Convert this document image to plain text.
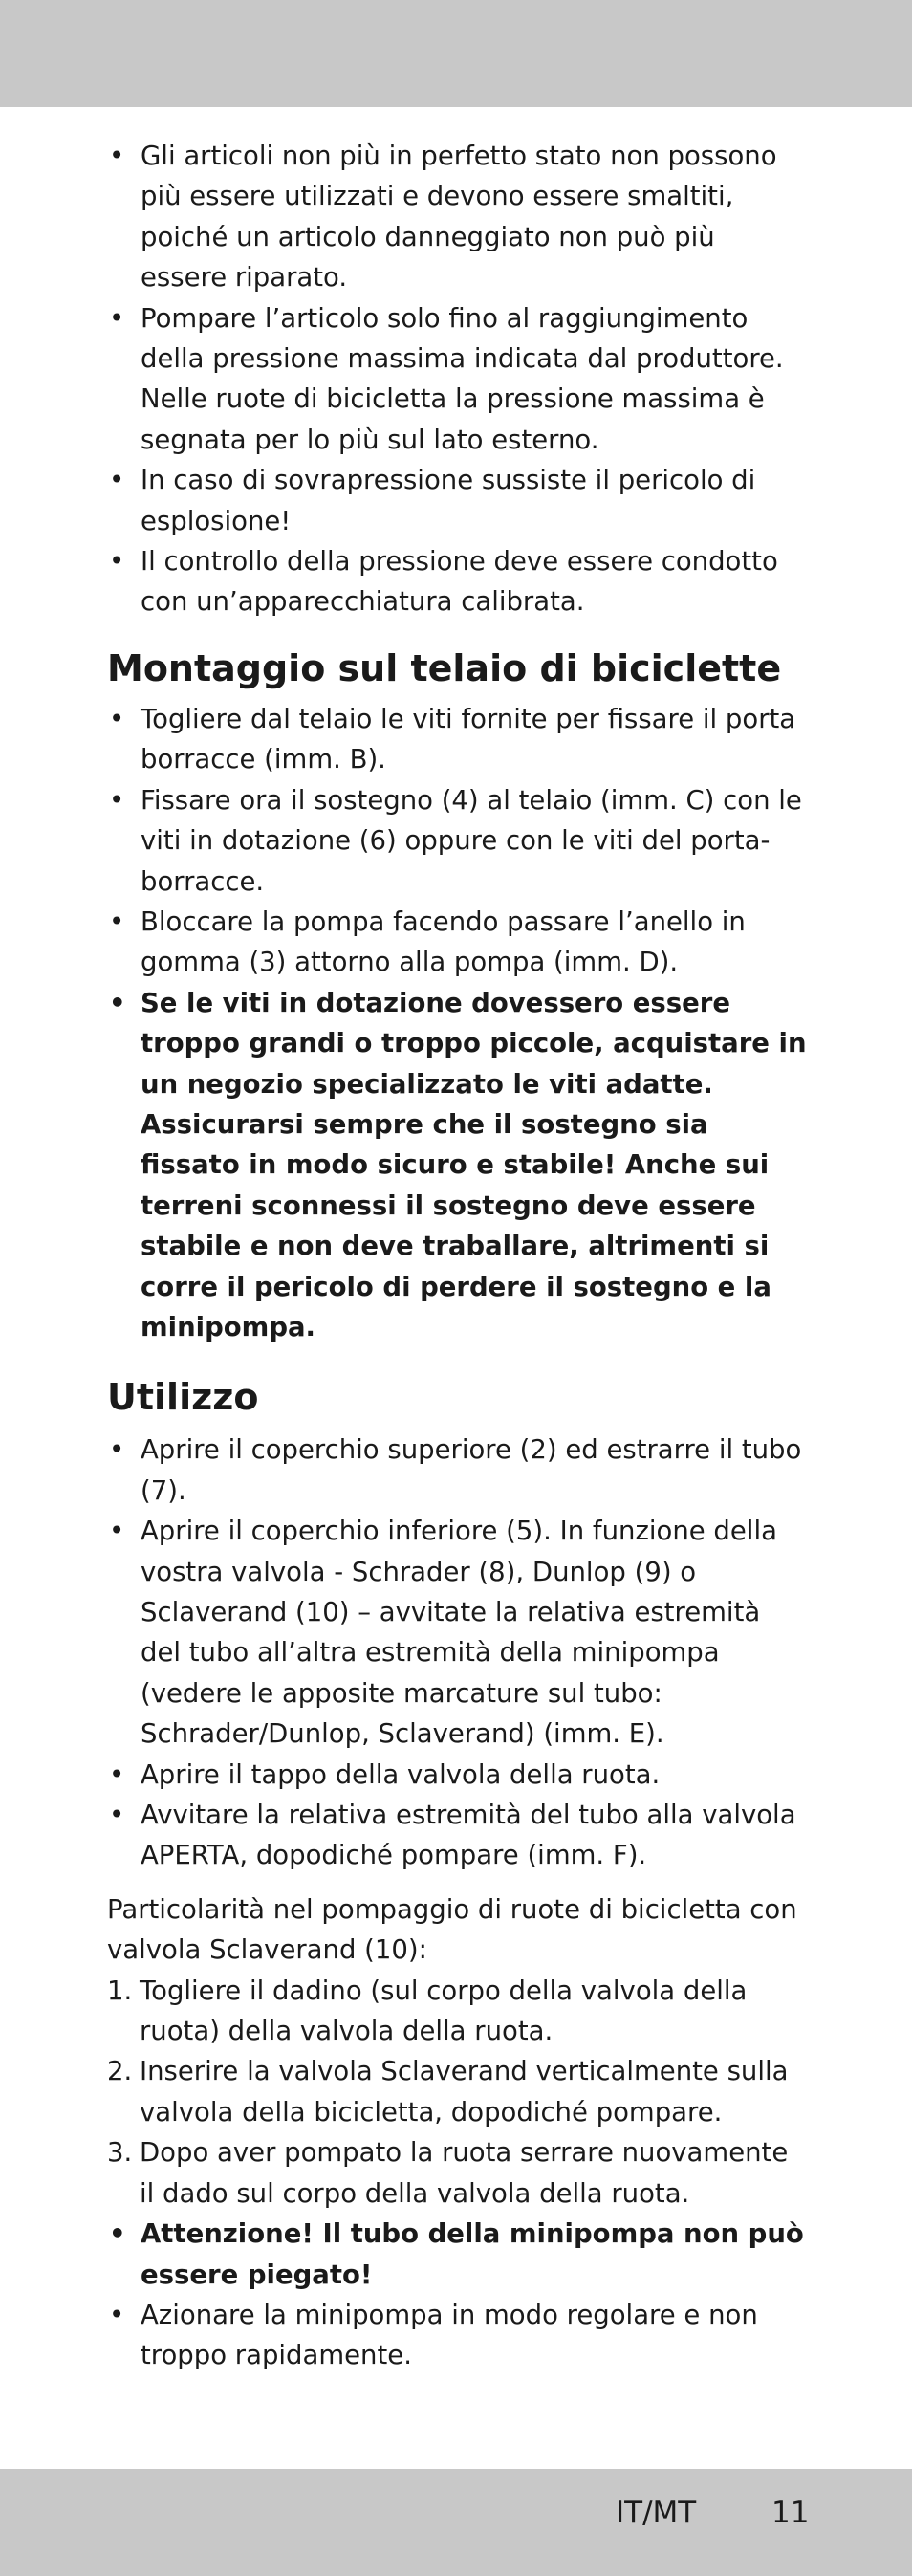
• Gli articoli non più in perfetto stato non possono più essere utilizzati e devono essere smaltiti, poiché un articolo danneggiato non può più essere riparato.
• Pompare l’articolo solo fino al raggiungimento della pressione massima indicata dal produttore. Nelle ruote di bicicletta la pressione massima è segnata per lo più sul lato esterno.
• In caso di sovrapressione sussiste il pericolo di esplosione!
• Il controllo della pressione deve essere condotto con un’apparecchiatura calibrata.
Montaggio sul telaio di biciclette
• Togliere dal telaio le viti fornite per fissare il porta borracce (imm. B).
• Fissare ora il sostegno (4) al telaio (imm. C) con le viti in dotazione (6) oppure con le viti del porta-borracce.
• Bloccare la pompa facendo passare l’anello in gomma (3) attorno alla pompa (imm. D).
• Se le viti in dotazione dovessero essere troppo grandi o troppo piccole, acquistare in un negozio specializzato le viti adatte. Assicurarsi sempre che il sostegno sia fissato in modo sicuro e stabile! Anche sui terreni sconnessi il sostegno deve essere stabile e non deve traballare, altrimenti si corre il pericolo di perdere il sostegno e la minipompa.
Utilizzo
• Aprire il coperchio superiore (2) ed estrarre il tubo (7).
• Aprire il coperchio inferiore (5). In funzione della vostra valvola - Schrader (8), Dunlop (9) o Sclaverand (10) – avvitate la relativa estremità del tubo all’altra estremità della minipompa (vedere le apposite marcature sul tubo: Schrader/Dunlop, Sclaverand) (imm. E).
• Aprire il tappo della valvola della ruota.
• Avvitare la relativa estremità del tubo alla valvola APERTA, dopodiché pompare (imm. F).

Particolarità nel pompaggio di ruote di bicicletta con valvola Sclaverand (10):

1. Togliere il dadino (sul corpo della valvola della ruota) della valvola della ruota.
2. Inserire la valvola Sclaverand verticalmente sulla valvola della bicicletta, dopodiché pompare.
3. Dopo aver pompato la ruota serrare nuovamente il dado sul corpo della valvola della ruota.
• Attenzione! Il tubo della minipompa non può essere piegato!
• Azionare la minipompa in modo regolare e non troppo rapidamente.
IT/MT	11
